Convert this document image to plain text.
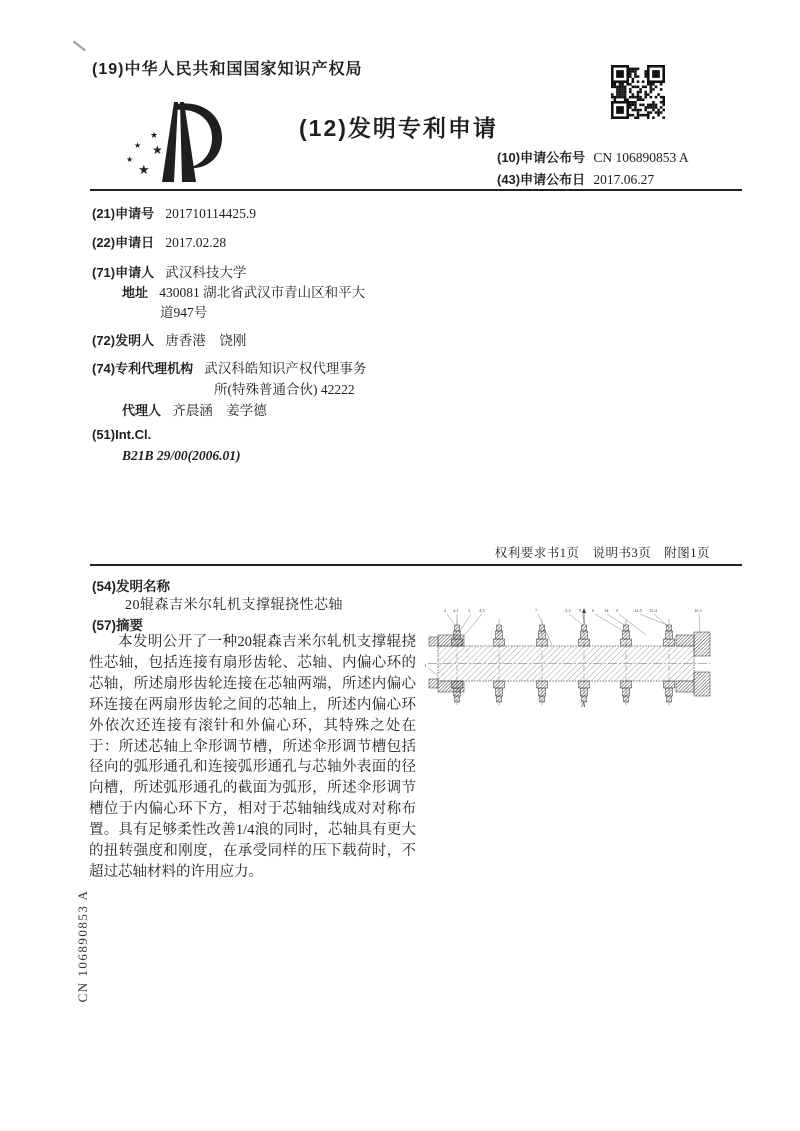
(19)中华人民共和国国家知识产权局
★
★ ★
★
★
(12)发明专利申请
(10)申请公布号 CN 106890853 A
(43)申请公布日 2017.06.27
(21)申请号 201710114425.9
(22)申请日 2017.02.28
(71)申请人 武汉科技大学
地址 430081 湖北省武汉市青山区和平大
道947号
(72)发明人 唐香港　饶刚
(74)专利代理机构 武汉科皓知识产权代理事务
所(特殊普通合伙) 42222
代理人 齐晨涵　姜学德
(51)Int.Cl.
B21B 29/00(2006.01)
权利要求书1页　说明书3页　附图1页
(54)发明名称
20辊森吉米尔轧机支撑辊挠性芯轴
(57)摘要
本发明公开了一种20辊森吉米尔轧机支撑辊挠性芯轴，包括连接有扇形齿轮、芯轴、内偏心环的芯轴，所述扇形齿轮连接在芯轴两端，所述内偏心环连接在两扇形齿轮之间的芯轴上，所述内偏心环外依次还连接有滚针和外偏心环，其特殊之处在于：所述芯轴上伞形调节槽，所述伞形调节槽包括径向的弧形通孔和连接弧形通孔与芯轴外表面的径向槽，所述弧形通孔的截面为弧形，所述伞形调节槽位于内偏心环下方，相对于芯轴轴线成对对称布置。具有足够柔性改善1/4浪的同时，芯轴具有更大的扭转强度和刚度，在承受同样的压下载荷时，不超过芯轴材料的许用应力。
2 4.1 3 4.5	7	2.2 9 6 14 5	12.5 13.4	16.5
1
A
CN 106890853 A
